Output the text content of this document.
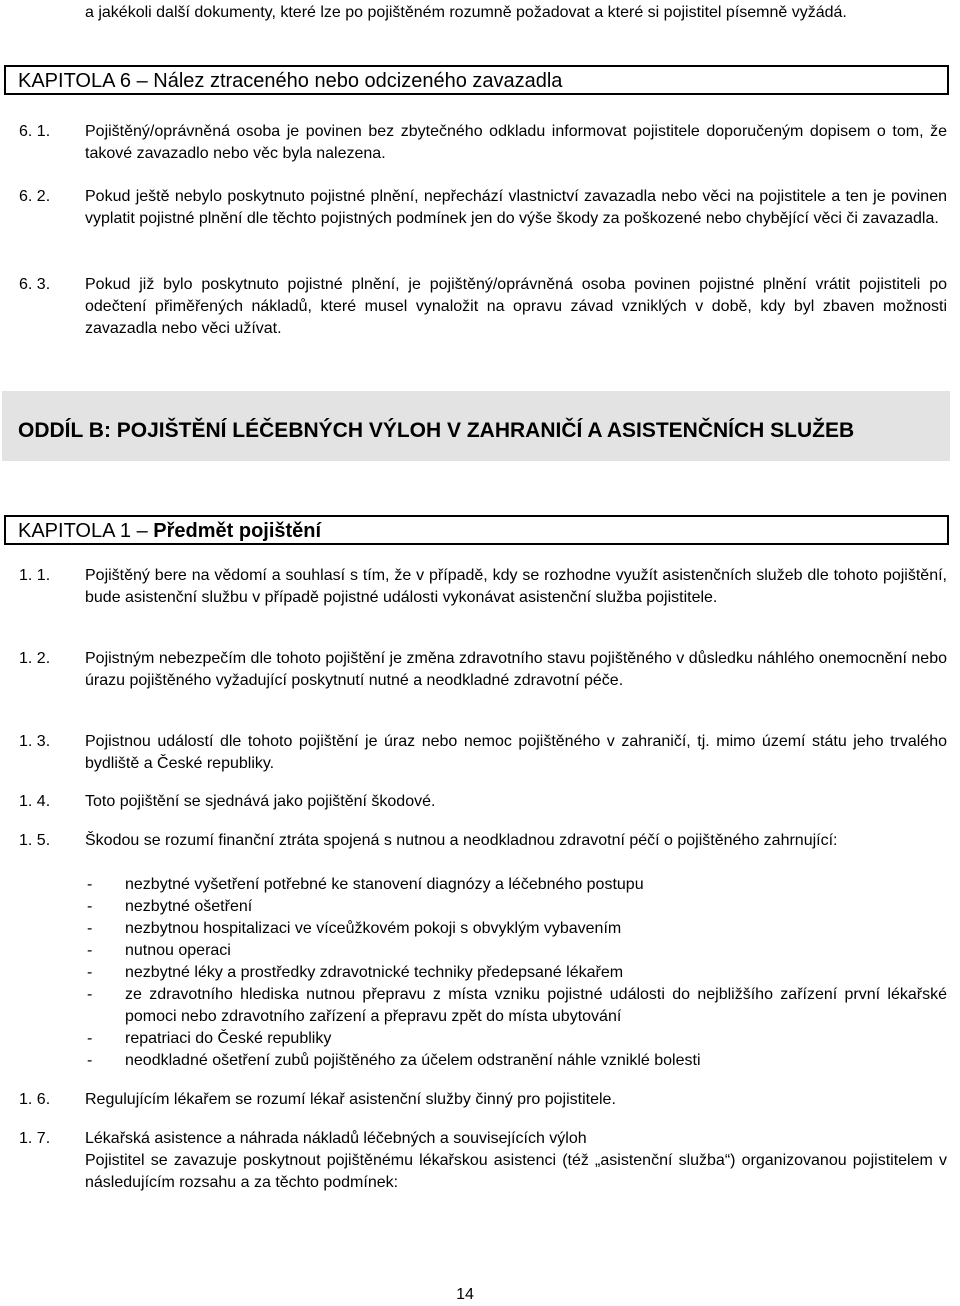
a jakékoli další dokumenty, které lze po pojištěném rozumně požadovat a které si pojistitel písemně vyžádá.
KAPITOLA 6 – Nález ztraceného nebo odcizeného zavazadla
6. 1. Pojištěný/oprávněná osoba je povinen bez zbytečného odkladu informovat pojistitele doporučeným dopisem o tom, že takové zavazadlo nebo věc byla nalezena.
6. 2. Pokud ještě nebylo poskytnuto pojistné plnění, nepřechází vlastnictví zavazadla nebo věci na pojistitele a ten je povinen vyplatit pojistné plnění dle těchto pojistných podmínek jen do výše škody za poškozené nebo chybějící věci či zavazadla.
6. 3. Pokud již bylo poskytnuto pojistné plnění, je pojištěný/oprávněná osoba povinen pojistné plnění vrátit pojistiteli po odečtení přiměřených nákladů, které musel vynaložit na opravu závad vzniklých v době, kdy byl zbaven možnosti zavazadla nebo věci užívat.
ODDÍL B: POJIŠTĚNÍ LÉČEBNÝCH VÝLOH V ZAHRANIČÍ A ASISTENČNÍCH SLUŽEB
KAPITOLA 1 – Předmět pojištění
1. 1. Pojištěný bere na vědomí a souhlasí s tím, že v případě, kdy se rozhodne využít asistenčních služeb dle tohoto pojištění, bude asistenční službu v případě pojistné události vykonávat asistenční služba pojistitele.
1. 2. Pojistným nebezpečím dle tohoto pojištění je změna zdravotního stavu pojištěného v důsledku náhlého onemocnění nebo úrazu pojištěného vyžadující poskytnutí nutné a neodkladné zdravotní péče.
1. 3. Pojistnou událostí dle tohoto pojištění je úraz nebo nemoc pojištěného v zahraničí, tj. mimo území státu jeho trvalého bydliště a České republiky.
1. 4. Toto pojištění se sjednává jako pojištění škodové.
1. 5. Škodou se rozumí finanční ztráta spojená s nutnou a neodkladnou zdravotní péčí o pojištěného zahrnující:
- nezbytné vyšetření potřebné ke stanovení diagnózy a léčebného postupu
- nezbytné ošetření
- nezbytnou hospitalizaci ve víceůžkovém pokoji s obvyklým vybavením
- nutnou operaci
- nezbytné léky a prostředky zdravotnické techniky předepsané lékařem
- ze zdravotního hlediska nutnou přepravu z místa vzniku pojistné události do nejbližšího zařízení první lékařské pomoci nebo zdravotního zařízení a přepravu zpět do místa ubytování
- repatriaci do České republiky
- neodkladné ošetření zubů pojištěného za účelem odstranění náhle vzniklé bolesti
1. 6. Regulujícím lékařem se rozumí lékař asistenční služby činný pro pojistitele.
1. 7. Lékařská asistence a náhrada nákladů léčebných a souvisejících výloh
Pojistitel se zavazuje poskytnout pojištěnému lékařskou asistenci (též „asistenční služba“) organizovanou pojistitelem v následujícím rozsahu a za těchto podmínek:
14
